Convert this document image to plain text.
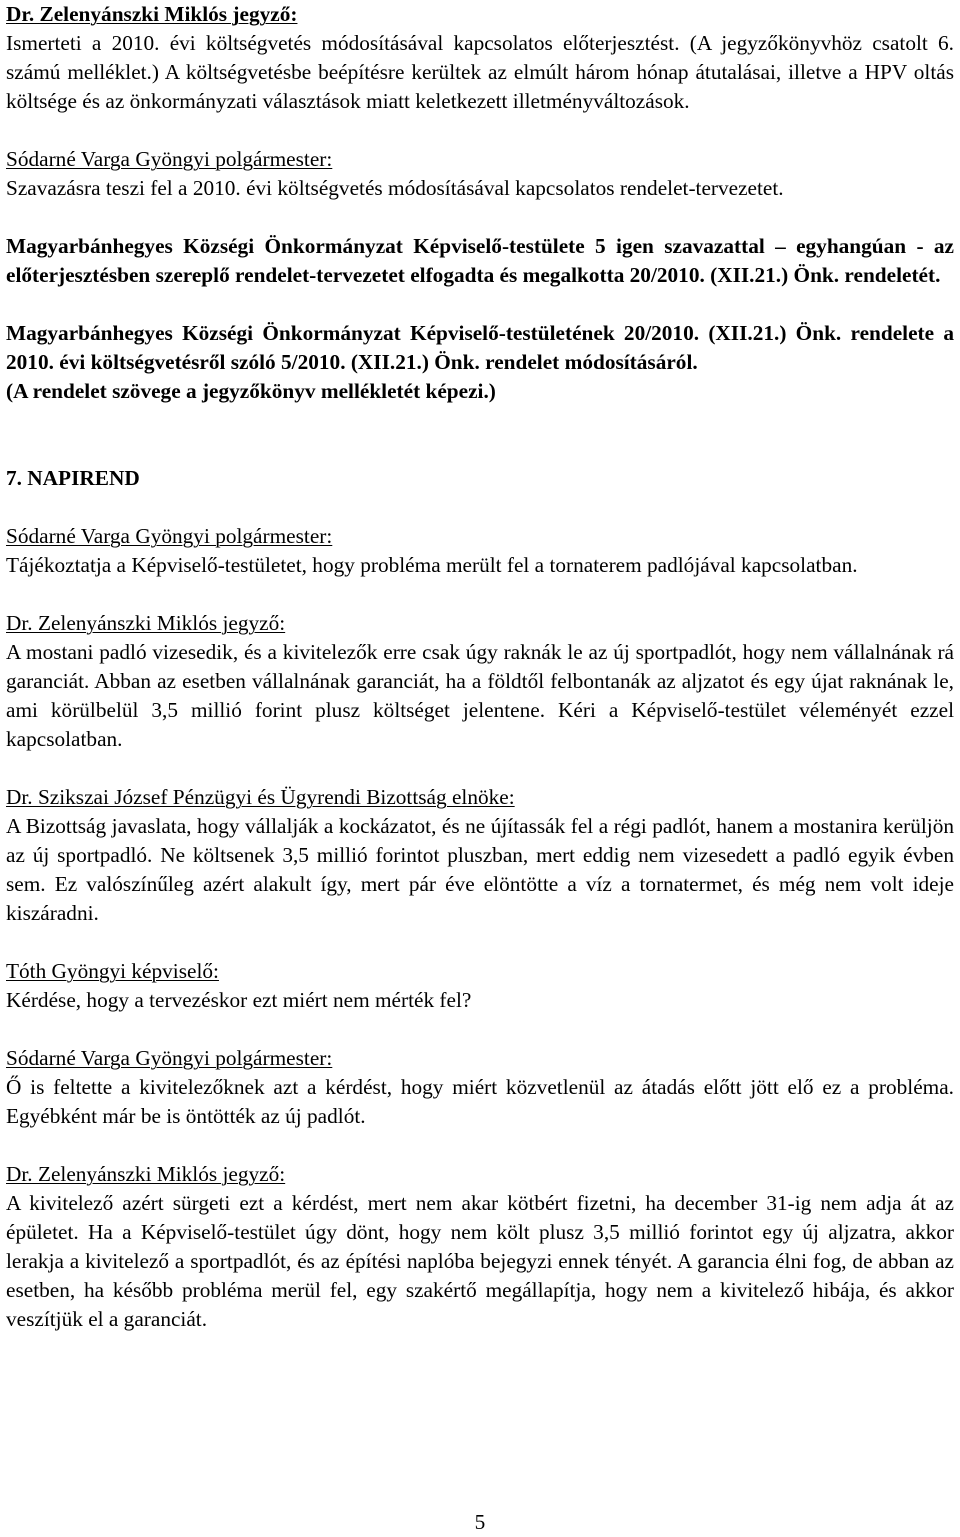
Dr. Zelenyánszki Miklós jegyző:

Ismerteti a 2010. évi költségvetés módosításával kapcsolatos előterjesztést. (A jegyzőkönyvhöz csatolt 6. számú melléklet.) A költségvetésbe beépítésre kerültek az elmúlt három hónap átutalásai, illetve a HPV oltás költsége és az önkormányzati választások miatt keletkezett illetményváltozások.

Sódarné Varga Gyöngyi polgármester:

Szavazásra teszi fel a 2010. évi költségvetés módosításával kapcsolatos rendelet-tervezetet.

Magyarbánhegyes Községi Önkormányzat Képviselő-testülete 5 igen szavazattal – egyhangúan - az előterjesztésben szereplő rendelet-tervezetet elfogadta és megalkotta 20/2010. (XII.21.) Önk. rendeletét.

Magyarbánhegyes Községi Önkormányzat Képviselő-testületének 20/2010. (XII.21.) Önk. rendelete a 2010. évi költségvetésről szóló 5/2010. (XII.21.) Önk. rendelet módosításáról.

(A rendelet szövege a jegyzőkönyv mellékletét képezi.)

7. NAPIREND
Sódarné Varga Gyöngyi polgármester:

Tájékoztatja a Képviselő-testületet, hogy probléma merült fel a tornaterem padlójával kapcsolatban.

Dr. Zelenyánszki Miklós jegyző:

A mostani padló vizesedik, és a kivitelezők erre csak úgy raknák le az új sportpadlót, hogy nem vállalnának rá garanciát. Abban az esetben vállalnának garanciát, ha a földtől felbontanák az aljzatot és egy újat raknának le, ami körülbelül 3,5 millió forint plusz költséget jelentene. Kéri a Képviselő-testület véleményét ezzel kapcsolatban.

Dr. Szikszai József Pénzügyi és Ügyrendi Bizottság elnöke:

A Bizottság javaslata, hogy vállalják a kockázatot, és ne újítassák fel a régi padlót, hanem a mostanira kerüljön az új sportpadló. Ne költsenek 3,5 millió forintot pluszban, mert eddig nem vizesedett a padló egyik évben sem. Ez valószínűleg azért alakult így, mert pár éve elöntötte a víz a tornatermet, és még nem volt ideje kiszáradni.

Tóth Gyöngyi képviselő:

Kérdése, hogy a tervezéskor ezt miért nem mérték fel?

Sódarné Varga Gyöngyi polgármester:

Ő is feltette a kivitelezőknek azt a kérdést, hogy miért közvetlenül az átadás előtt jött elő ez a probléma. Egyébként már be is öntötték az új padlót.

Dr. Zelenyánszki Miklós jegyző:

A kivitelező azért sürgeti ezt a kérdést, mert nem akar kötbért fizetni, ha december 31-ig nem adja át az épületet. Ha a Képviselő-testület úgy dönt, hogy nem költ plusz 3,5 millió forintot egy új aljzatra, akkor lerakja a kivitelező a sportpadlót, és az építési naplóba bejegyzi ennek tényét. A garancia élni fog, de abban az esetben, ha később probléma merül fel, egy szakértő megállapítja, hogy nem a kivitelező hibája, és akkor veszítjük el a garanciát.

5
